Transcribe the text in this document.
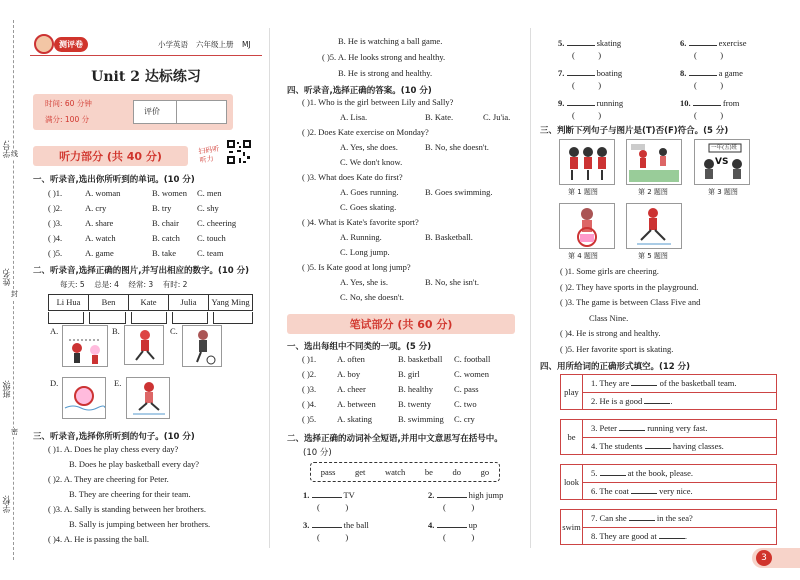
学号: 线
姓名:
封
班级:
密
学校:
测评卷	小学英语 六年级上册 MJ
Unit 2 达标练习
时间: 60 分钟
满分: 100 分
评价
听力部分 (共 40 分)	扫码听听力
一、听录音,选出你所听到的单词。(10 分)
( )1.	A. woman	B. women C. men
( )2.	A. cry	B. try	C. shy
( )3.	A. share	B. chair C. cheering
( )4.	A. watch	B. catch C. touch
( )5.	A. game	B. take C. team
二、听录音,选择正确的图片,并写出相应的数字。(10 分)
Li Hua	Ben	Kate	Julia	Yang Ming
每天: 5 总是: 4 经常: 3 有时: 2
A.	B.	C.
D.	E.
三、听录音,选择你所听到的句子。(10 分)
( )1. A. Does he play chess every day?
B. Does he play basketball every day?
( )2. A. They are cheering for Peter.
B. They are cheering for their team.
( )3. A. Sally is standing between her brothers.
B. Sally is jumping between her brothers.
( )4. A. He is passing the ball.
B. He is watching a ball game.
( )5. A. He looks strong and healthy.
B. He is strong and healthy.
四、听录音,选择正确的答案。(10 分)
( )1. Who is the girl between Lily and Sally?
A. Lisa.	B. Kate.	C. Ju'ia.
( )2. Does Kate exercise on Monday?
A. Yes, she does.	B. No, she doesn't.
C. We don't know.
( )3. What does Kate do first?
A. Goes running.	B. Goes swimming.
C. Goes skating.
( )4. What is Kate's favorite sport?
A. Running.	B. Basketball.
C. Long jump.
( )5. Is Kate good at long jump?
A. Yes, she is.	B. No, she isn't.
C. No, she doesn't.
笔试部分 (共 60 分)
一、选出每组中不同类的一项。(5 分)
( )1. A. often	B. basketball C. football
( )2. A. boy	B. girl	C. women
( )3. A. cheer	B. healthy C. pass
( )4. A. between	B. twenty	C. two
( )5. A. skating	B. swimming C. cry
二、选择正确的动词补全短语,并用中文意思写在括号中。
(10 分)
pass get watch be do go
1.	TV
(            )
2.	high jump
(            )
3.	the ball
(            )
4.	up
(            )
5.	skating
(           )
6.	exercise
(           )
7.	boating
(           )
8.	a game
(           )
9.	running
(           )
10.	from
(           )
三、判断下列句子与图片是(T)否(F)符合。(5 分)
第 1 题图	第 2 题图
VS
一年(五)班
第 3 题图
第 4 题图	第 5 题图
( )1. Some girls are cheering.
( )2. They have sports in the playground.
( )3. The game is between Class Five and
Class Nine.
( )4. He is strong and healthy.
( )5. Her favorite sport is skating.
四、用所给词的正确形式填空。(12 分)
play
1. They are	of the basketball team.
2. He is a good	.
be
3. Peter	running very fast.
4. The students	having classes.
look
5.	at the book, please.
6. The coat	very nice.
swim
7. Can she	in the sea?
8. They are good at	.
3
